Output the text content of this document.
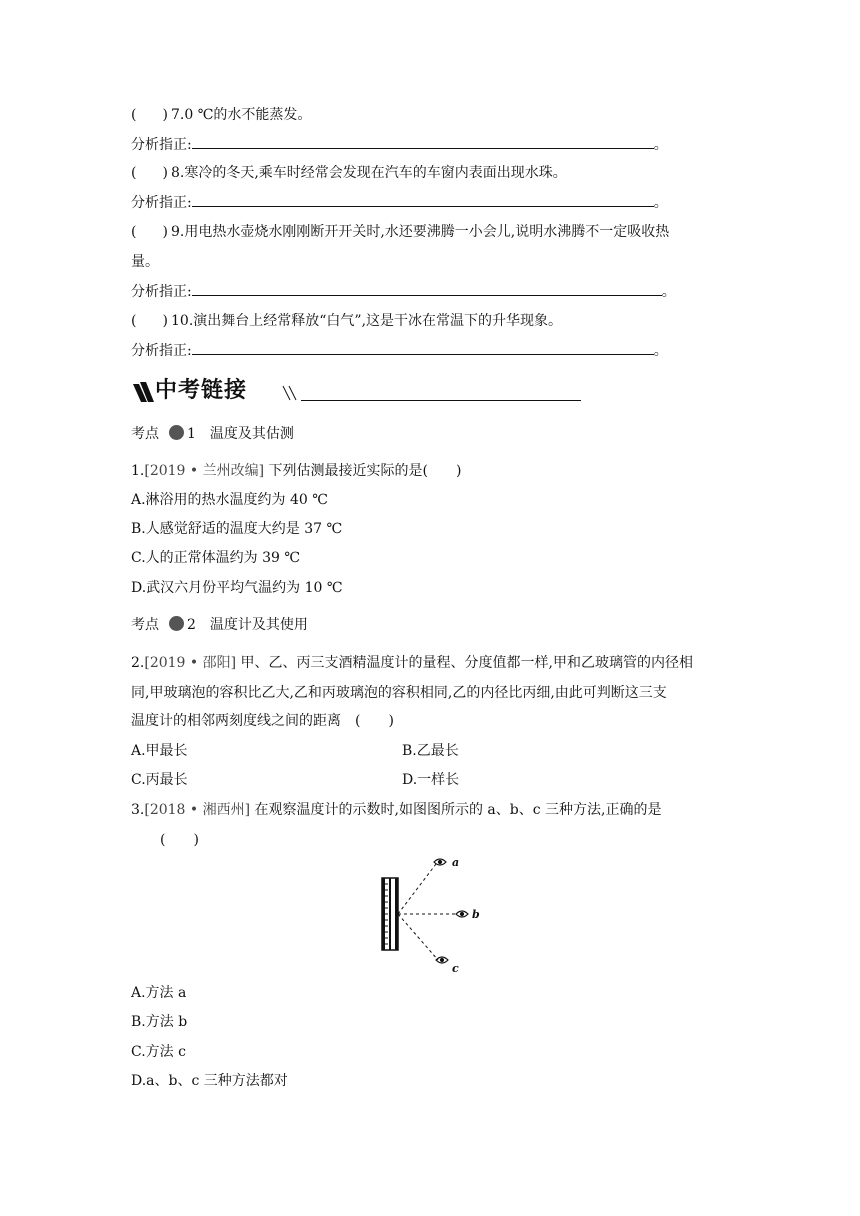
( ) 7.0 ℃的水不能蒸发。
分析指正:	。
( ) 8.寒冷的冬天,乘车时经常会发现在汽车的车窗内表面出现水珠。
分析指正:	。
( ) 9.用电热水壶烧水刚刚断开开关时,水还要沸腾一小会儿,说明水沸腾不一定吸收热
量。
分析指正:	。
( ) 10.演出舞台上经常释放“白气”,这是干冰在常温下的升华现象。
分析指正:	。
中考链接
考点 1 温度及其估测
1.[2019 • 兰州改编] 下列估测最接近实际的是(　　)
A.淋浴用的热水温度约为 40 ℃
B.人感觉舒适的温度大约是 37 ℃
C.人的正常体温约为 39 ℃
D.武汉六月份平均气温约为 10 ℃
考点 2 温度计及其使用
2.[2019 • 邵阳] 甲、乙、丙三支酒精温度计的量程、分度值都一样,甲和乙玻璃管的内径相
同,甲玻璃泡的容积比乙大,乙和丙玻璃泡的容积相同,乙的内径比丙细,由此可判断这三支
温度计的相邻两刻度线之间的距离　(　　)
A.甲最长	B.乙最长
C.丙最长	D.一样长
3.[2018 • 湘西州] 在观察温度计的示数时,如图图所示的 a、b、c 三种方法,正确的是
(　　)
a
b
c
A.方法 a
B.方法 b
C.方法 c
D.a、b、c 三种方法都对
